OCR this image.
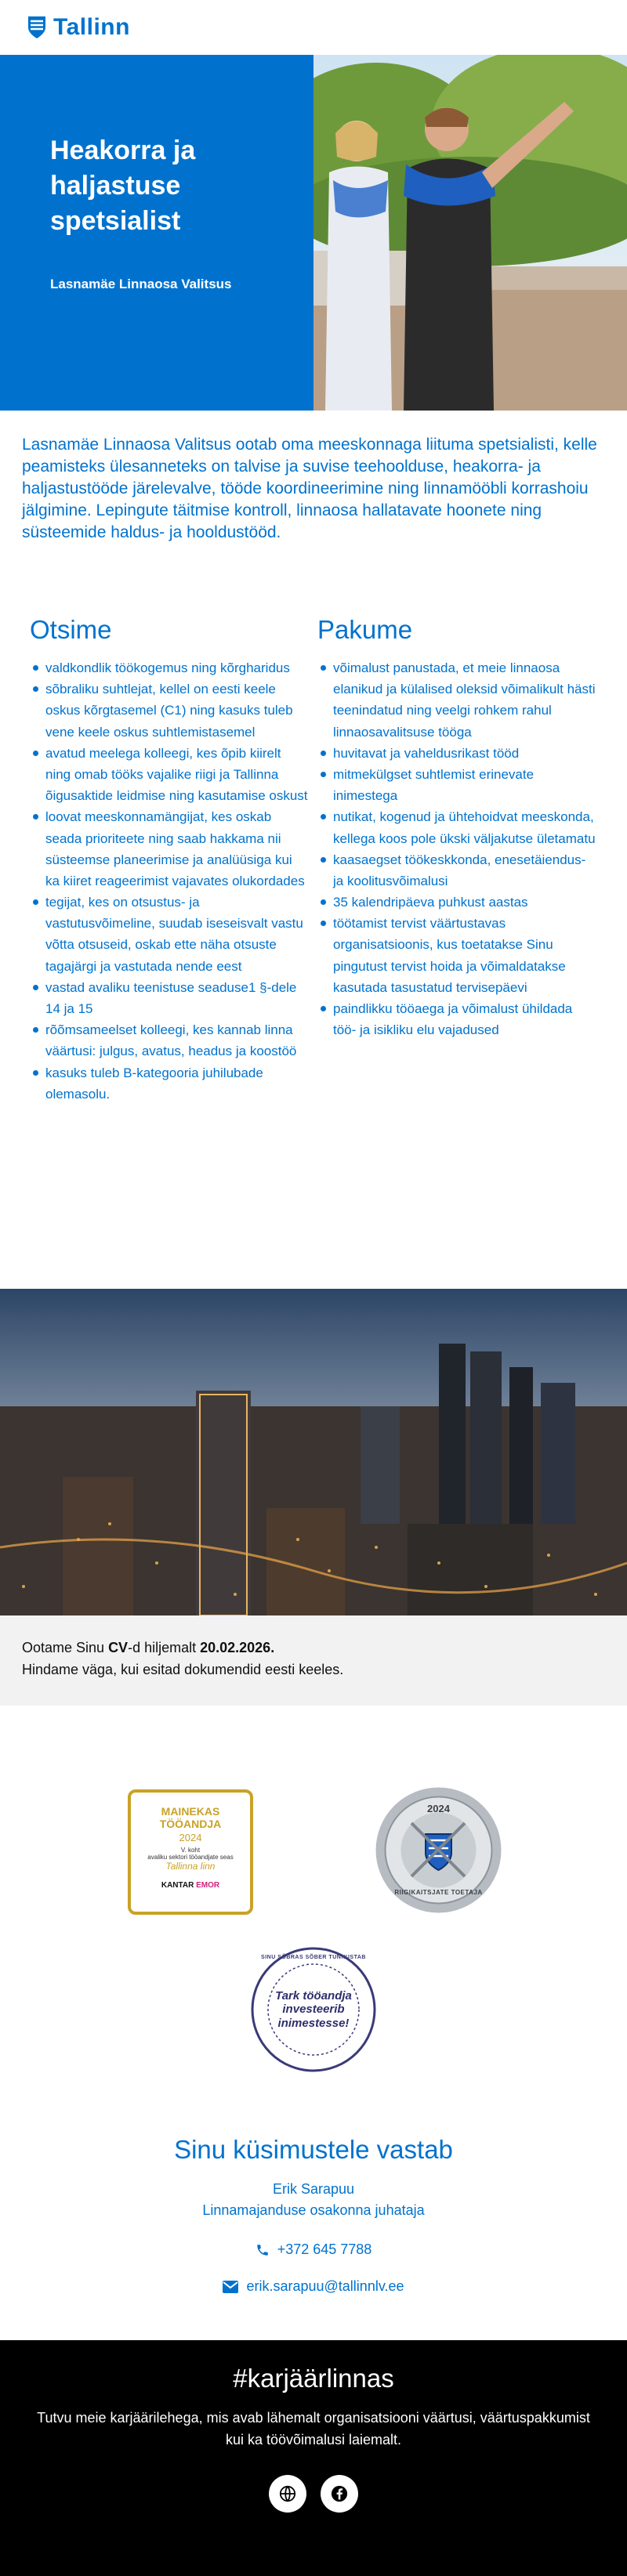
Tallinn
Heakorra ja haljastuse spetsialist
Lasnamäe Linnaosa Valitsus
Lasnamäe Linnaosa Valitsus ootab oma meeskonnaga liituma spetsialisti, kelle peamisteks ülesanneteks on talvise ja suvise teehoolduse, heakorra- ja haljastustööde järelevalve, tööde koordineerimine ning linnamööbli korrashoiu jälgimine. Lepingute täitmise kontroll, linnaosa hallatavate hoonete ning süsteemide haldus- ja hooldustööd.
Otsime
valdkondlik töökogemus ning kõrgharidus
sõbraliku suhtlejat, kellel on eesti keele oskus kõrgtasemel (C1) ning kasuks tuleb vene keele oskus suhtlemistasemel
avatud meelega kolleegi, kes õpib kiirelt ning omab tööks vajalike riigi ja Tallinna õigusaktide leidmise ning kasutamise oskust
loovat meeskonnamängijat, kes oskab seada prioriteete ning saab hakkama nii süsteemse planeerimise ja analüüsiga kui ka kiiret reageerimist vajavates olukordades
tegijat, kes on otsustus- ja vastutusvõimeline, suudab iseseisvalt vastu võtta otsuseid, oskab ette näha otsuste tagajärgi ja vastutada nende eest
vastad avaliku teenistuse seaduse1 §-dele 14 ja 15
rõõmsameelset kolleegi, kes kannab linna väärtusi: julgus, avatus, headus ja koostöö
kasuks tuleb B-kategooria juhilubade olemasolu.
Pakume
võimalust panustada, et meie linnaosa elanikud ja külalised oleksid võimalikult hästi teenindatud ning veelgi rohkem rahul linnaosavalitsuse tööga
huvitavat ja vaheldusrikast tööd
mitmekülgset suhtlemist erinevate inimestega
nutikat, kogenud ja ühtehoidvat meeskonda, kellega koos pole ükski väljakutse ületamatu
kaasaegset töökeskkonda, enesetäiendus- ja koolitusvõimalusi
35 kalendripäeva puhkust aastas
töötamist tervist väärtustavas organisatsioonis, kus toetatakse Sinu pingutust tervist hoida ja võimaldatakse kasutada tasustatud tervisepäevi
paindlikku tööaega ja võimalust ühildada töö- ja isikliku elu vajadused
Ootame Sinu CV-d hiljemalt 20.02.2026.
Hindame väga, kui esitad dokumendid eesti keeles.
MAINEKAS
TÖÖANDJA
2024
V. koht
avaliku sektori tööandjate seas
Tallinna linn
KANTAR EMOR
2024
RIIGIKAITSJATE TOETAJA
SINU SÕBRAS SÕBER TUNNUSTAB
Tark tööandja
investeerib
inimestesse!
Sinu küsimustele vastab
Erik Sarapuu
Linnamajanduse osakonna juhataja
+372 645 7788
erik.sarapuu@tallinnlv.ee
#karjäärlinnas

Tutvu meie karjäärilehega, mis avab lähemalt organisatsiooni väärtusi, väärtuspakkumist kui ka töövõimalusi laiemalt.
